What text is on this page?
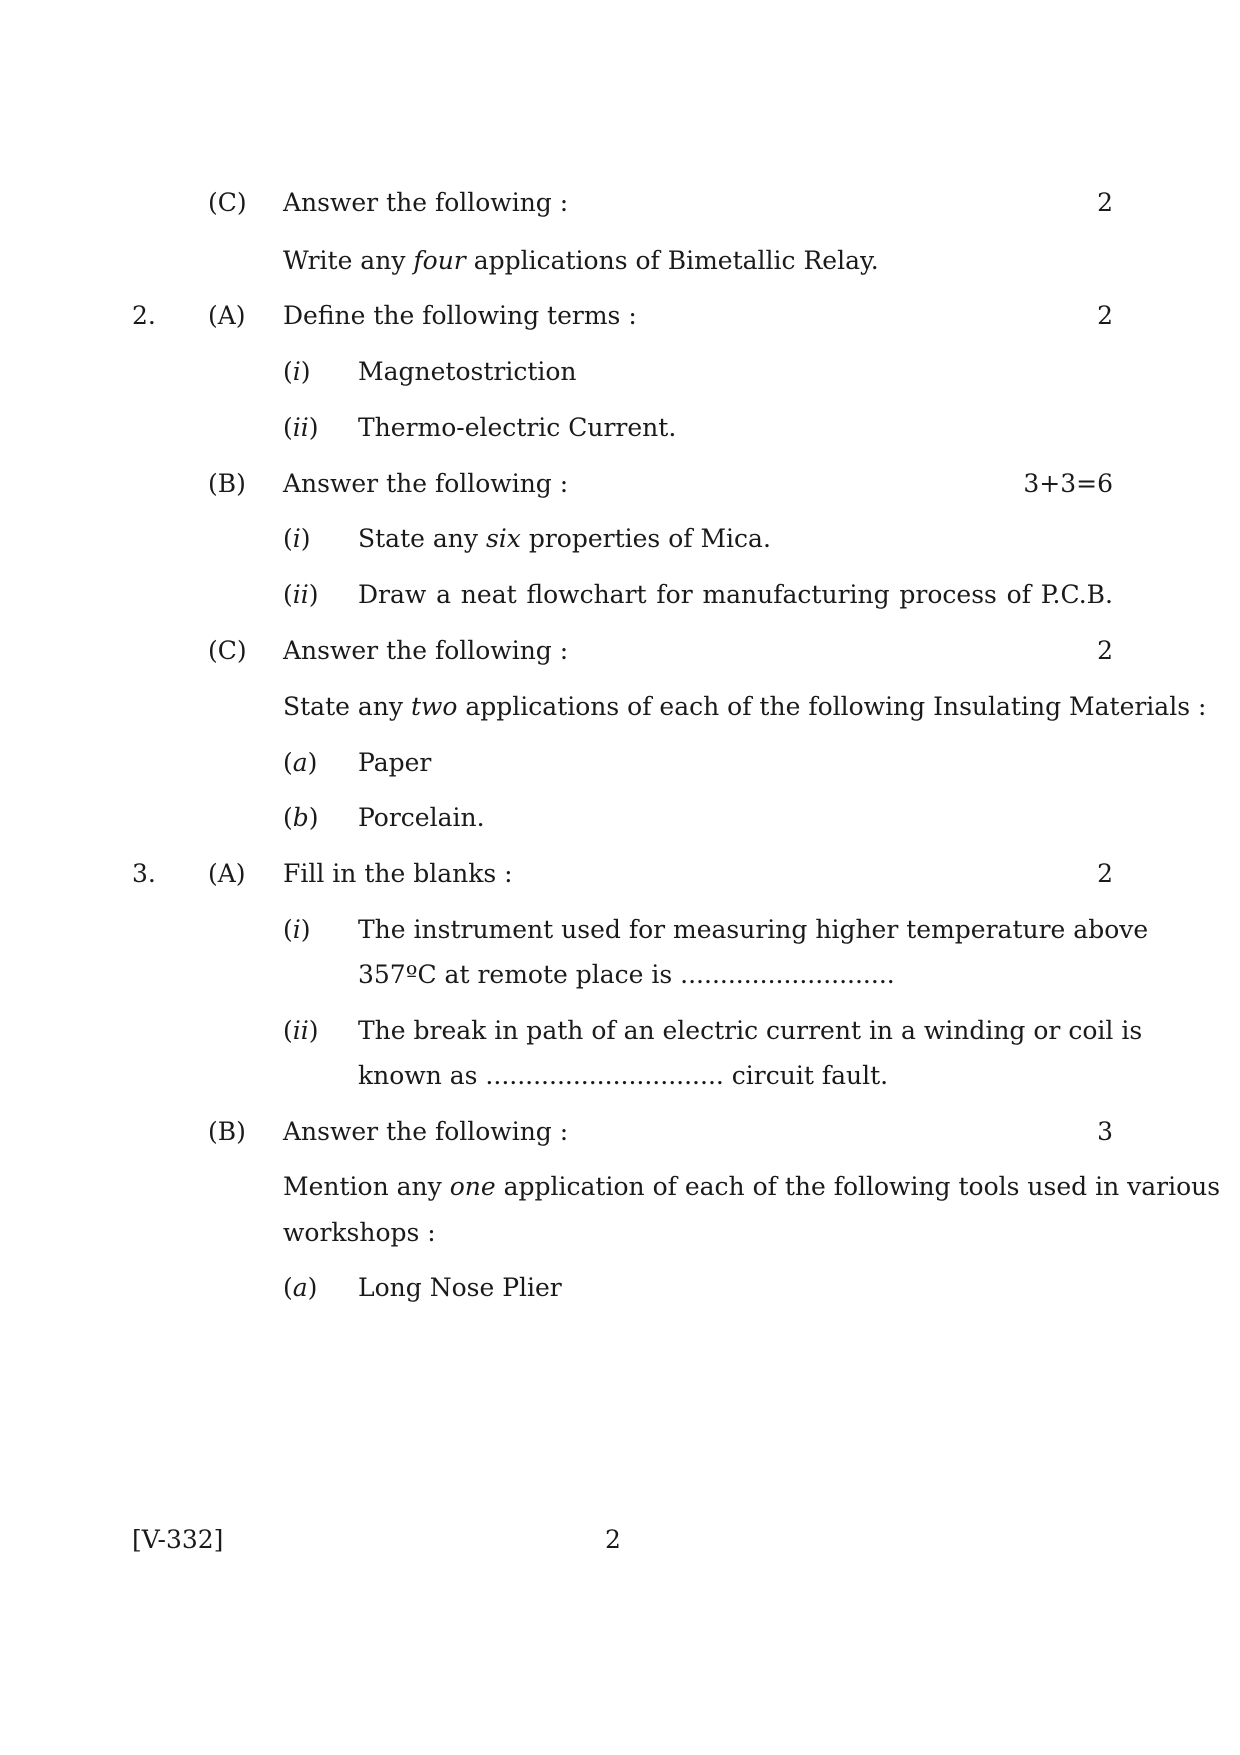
(C) Answer the following :	2
Write any four applications of Bimetallic Relay.
2. (A) Define the following terms :	2
(i) Magnetostriction
(ii) Thermo-electric Current.
(B) Answer the following :	3+3=6
(i) State any six properties of Mica.
(ii) Draw a neat flowchart for manufacturing process of P.C.B.
(C) Answer the following :	2
State any two applications of each of the following Insulating Materials :
(a) Paper
(b) Porcelain.
3. (A) Fill in the blanks :	2
(i) The instrument used for measuring higher temperature above
357ºC at remote place is ...........................
(ii) The break in path of an electric current in a winding or coil is
known as .............................. circuit fault.
(B) Answer the following :	3
Mention any one application of each of the following tools used in various
workshops :
(a) Long Nose Plier
[V-332]	2
